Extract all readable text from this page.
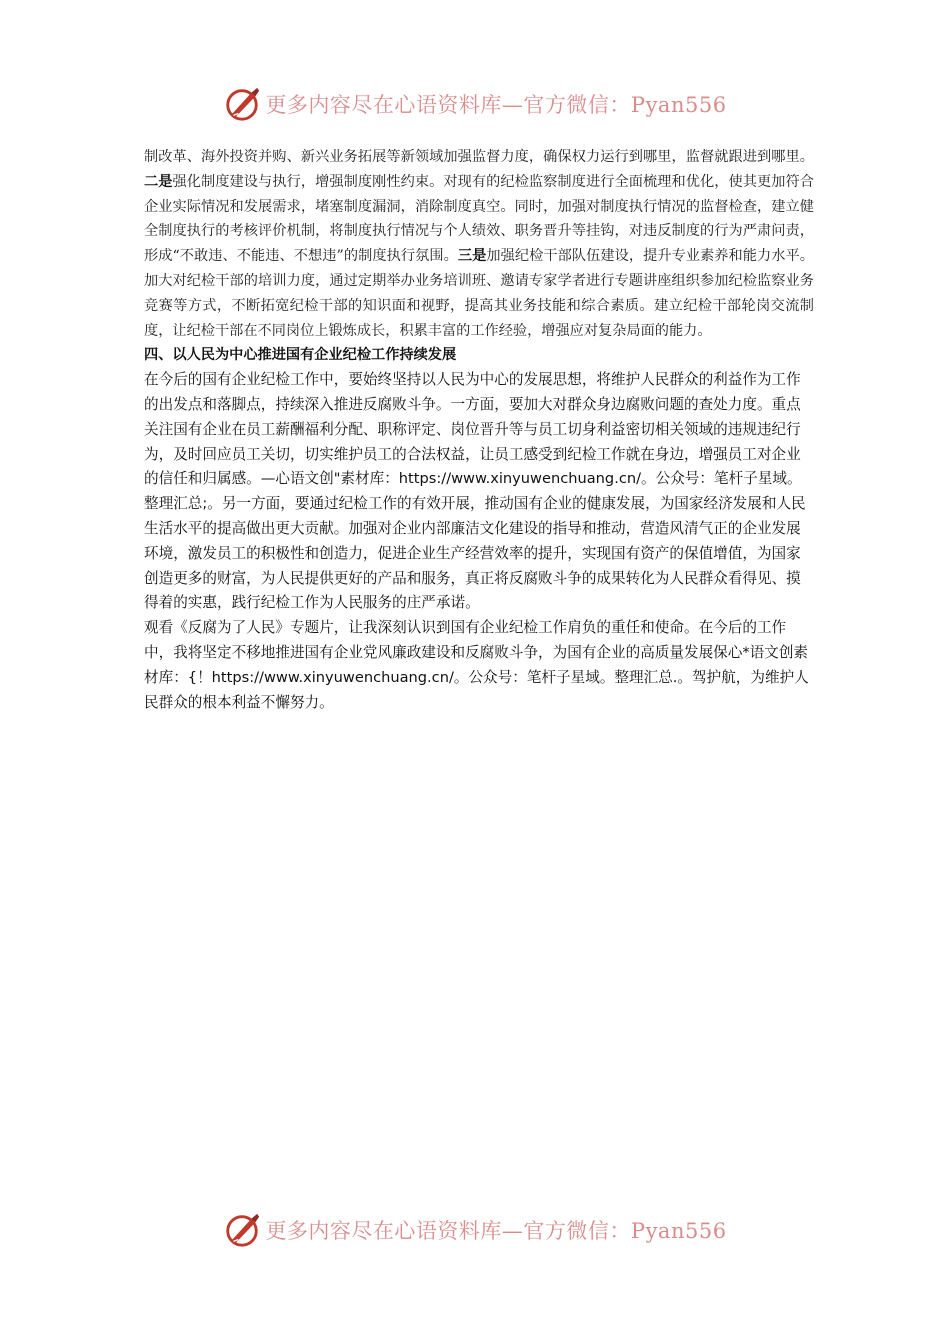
更多内容尽在心语资料库—官方微信：Pyan556

制改革、海外投资并购、新兴业务拓展等新领域加强监督力度，确保权力运行到哪里，监督就跟进到哪里。二是强化制度建设与执行，增强制度刚性约束。对现有的纪检监察制度进行全面梳理和优化，使其更加符合企业实际情况和发展需求，堵塞制度漏洞，消除制度真空。同时，加强对制度执行情况的监督检查，建立健全制度执行的考核评价机制，将制度执行情况与个人绩效、职务晋升等挂钩，对违反制度的行为严肃问责，形成“不敢违、不能违、不想违”的制度执行氛围。三是加强纪检干部队伍建设，提升专业素养和能力水平。加大对纪检干部的培训力度，通过定期举办业务培训班、邀请专家学者进行专题讲座组织参加纪检监察业务竞赛等方式，不断拓宽纪检干部的知识面和视野，提高其业务技能和综合素质。建立纪检干部轮岗交流制度，让纪检干部在不同岗位上锻炼成长，积累丰富的工作经验，增强应对复杂局面的能力。

四、以人民为中心推进国有企业纪检工作持续发展

在今后的国有企业纪检工作中，要始终坚持以人民为中心的发展思想，将维护人民群众的利益作为工作的出发点和落脚点，持续深入推进反腐败斗争。一方面，要加大对群众身边腐败问题的查处力度。重点关注国有企业在员工薪酬福利分配、职称评定、岗位晋升等与员工切身利益密切相关领域的违规违纪行为，及时回应员工关切，切实维护员工的合法权益，让员工感受到纪检工作就在身边，增强员工对企业的信任和归属感。—心语文创"素材库：https://www.xinyuwenchuang.cn/。公众号：笔杆子星域。整理汇总;。另一方面，要通过纪检工作的有效开展，推动国有企业的健康发展，为国家经济发展和人民生活水平的提高做出更大贡献。加强对企业内部廉洁文化建设的指导和推动，营造风清气正的企业发展环境，激发员工的积极性和创造力，促进企业生产经营效率的提升，实现国有资产的保值增值，为国家创造更多的财富，为人民提供更好的产品和服务，真正将反腐败斗争的成果转化为人民群众看得见、摸得着的实惠，践行纪检工作为人民服务的庄严承诺。

观看《反腐为了人民》专题片，让我深刻认识到国有企业纪检工作肩负的重任和使命。在今后的工作中，我将坚定不移地推进国有企业党风廉政建设和反腐败斗争，为国有企业的高质量发展保心*语文创素材库：{！https://www.xinyuwenchuang.cn/。公众号：笔杆子星域。整理汇总.。驾护航，为维护人民群众的根本利益不懈努力。

更多内容尽在心语资料库—官方微信：Pyan556
